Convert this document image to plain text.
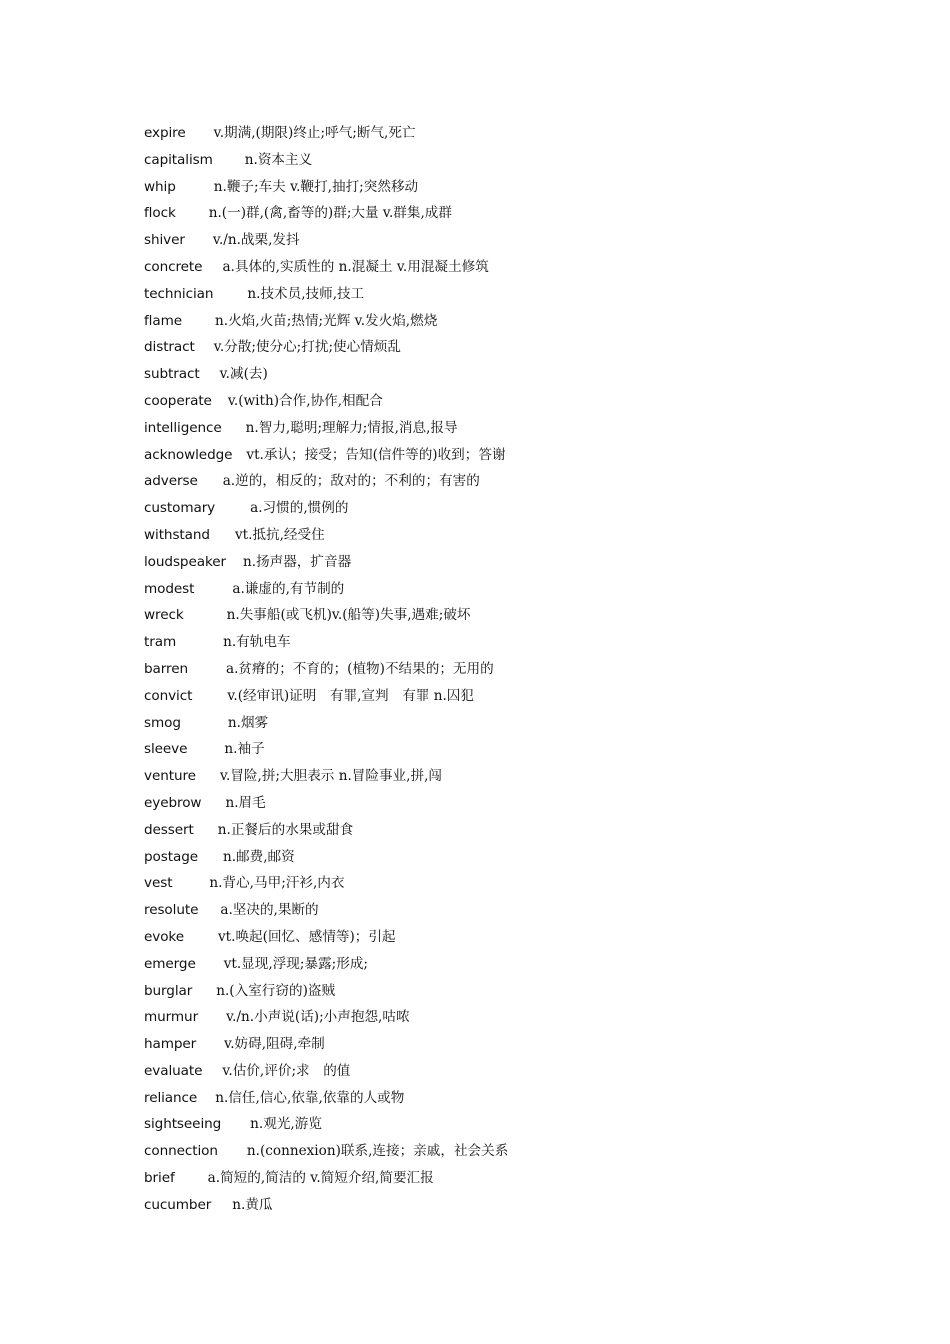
expire v.期满,(期限)终止;呼气;断气,死亡
capitalism n.资本主义
whip	n.鞭子;车夫 v.鞭打,抽打;突然移动
flock n.(一)群,(禽,畜等的)群;大量 v.群集,成群
shiver v./n.战栗,发抖
concrete a.具体的,实质性的 n.混凝土 v.用混凝土修筑
technician	n.技术员,技师,技工
flame n.火焰,火苗;热情;光辉 v.发火焰,燃烧
distract v.分散;使分心;打扰;使心情烦乱
subtract v.减(去)
cooperate v.(with)合作,协作,相配合
intelligence n.智力,聪明;理解力;情报,消息,报导
acknowledge vt.承认；接受；告知(信件等的)收到；答谢
adverse a.逆的，相反的；敌对的；不利的；有害的
customary	a.习惯的,惯例的
withstand vt.抵抗,经受住
loudspeaker n.扬声器，扩音器
modest	a.谦虚的,有节制的
wreck	n.失事船(或飞机)v.(船等)失事,遇难;破坏
tram	n.有轨电车
barren	a.贫瘠的；不育的；(植物)不结果的；无用的
convict	v.(经审讯)证明　有罪,宣判　有罪 n.囚犯
smog	n.烟雾
sleeve	n.袖子
venture v.冒险,拼;大胆表示 n.冒险事业,拼,闯
eyebrow n.眉毛
dessert n.正餐后的水果或甜食
postage n.邮费,邮资
vest	n.背心,马甲;汗衫,内衣
resolute a.坚决的,果断的
evoke	vt.唤起(回忆、感情等)；引起
emerge vt.显现,浮现;暴露;形成;
burglar n.(入室行窃的)盗贼
murmur v./n.小声说(话);小声抱怨,咕哝
hamper v.妨碍,阻碍,牵制
evaluate v.估价,评价;求　的值
reliance n.信任,信心,依靠,依靠的人或物
sightseeing n.观光,游览
connection n.(connexion)联系,连接；亲戚，社会关系
brief a.简短的,简洁的 v.简短介绍,简要汇报
cucumber n.黄瓜
